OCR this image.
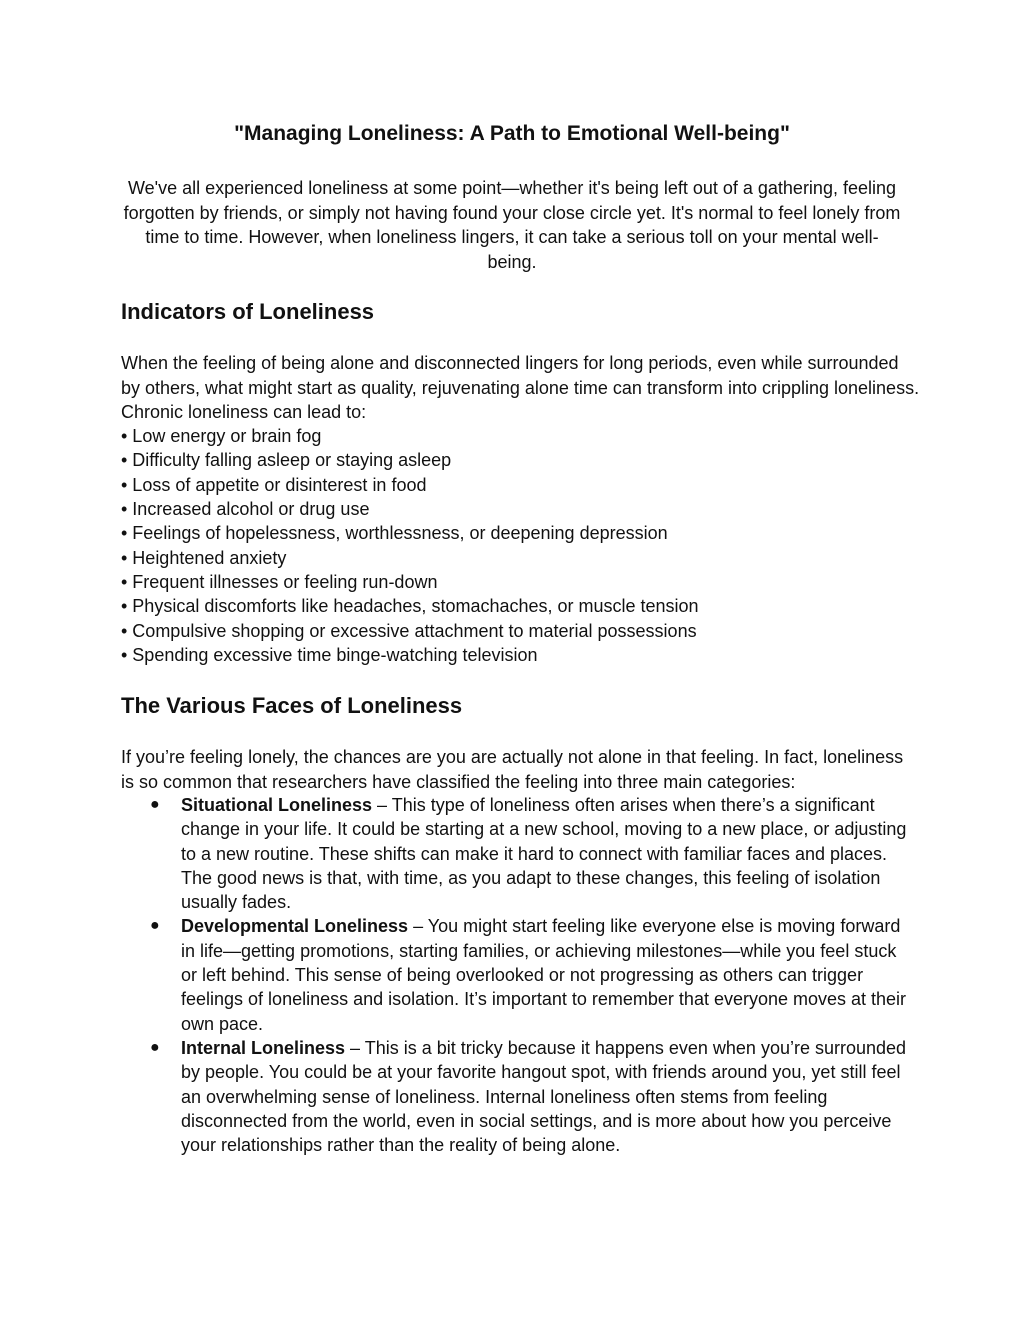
"Managing Loneliness: A Path to Emotional Well-being"

We've all experienced loneliness at some point—whether it's being left out of a gathering, feeling forgotten by friends, or simply not having found your close circle yet. It's normal to feel lonely from time to time. However, when loneliness lingers, it can take a serious toll on your mental well-being.

Indicators of Loneliness

When the feeling of being alone and disconnected lingers for long periods, even while surrounded by others, what might start as quality, rejuvenating alone time can transform into crippling loneliness. Chronic loneliness can lead to:

• Low energy or brain fog
• Difficulty falling asleep or staying asleep
• Loss of appetite or disinterest in food
• Increased alcohol or drug use
• Feelings of hopelessness, worthlessness, or deepening depression
• Heightened anxiety
• Frequent illnesses or feeling run-down
• Physical discomforts like headaches, stomachaches, or muscle tension
• Compulsive shopping or excessive attachment to material possessions
• Spending excessive time binge-watching television
The Various Faces of Loneliness

If you’re feeling lonely, the chances are you are actually not alone in that feeling. In fact, loneliness is so common that researchers have classified the feeling into three main categories:

● Situational Loneliness – This type of loneliness often arises when there’s a significant change in your life. It could be starting at a new school, moving to a new place, or adjusting to a new routine. These shifts can make it hard to connect with familiar faces and places. The good news is that, with time, as you adapt to these changes, this feeling of isolation usually fades.
● Developmental Loneliness – You might start feeling like everyone else is moving forward in life—getting promotions, starting families, or achieving milestones—while you feel stuck or left behind. This sense of being overlooked or not progressing as others can trigger feelings of loneliness and isolation. It’s important to remember that everyone moves at their own pace.
● Internal Loneliness – This is a bit tricky because it happens even when you’re surrounded by people. You could be at your favorite hangout spot, with friends around you, yet still feel an overwhelming sense of loneliness. Internal loneliness often stems from feeling disconnected from the world, even in social settings, and is more about how you perceive your relationships rather than the reality of being alone.
